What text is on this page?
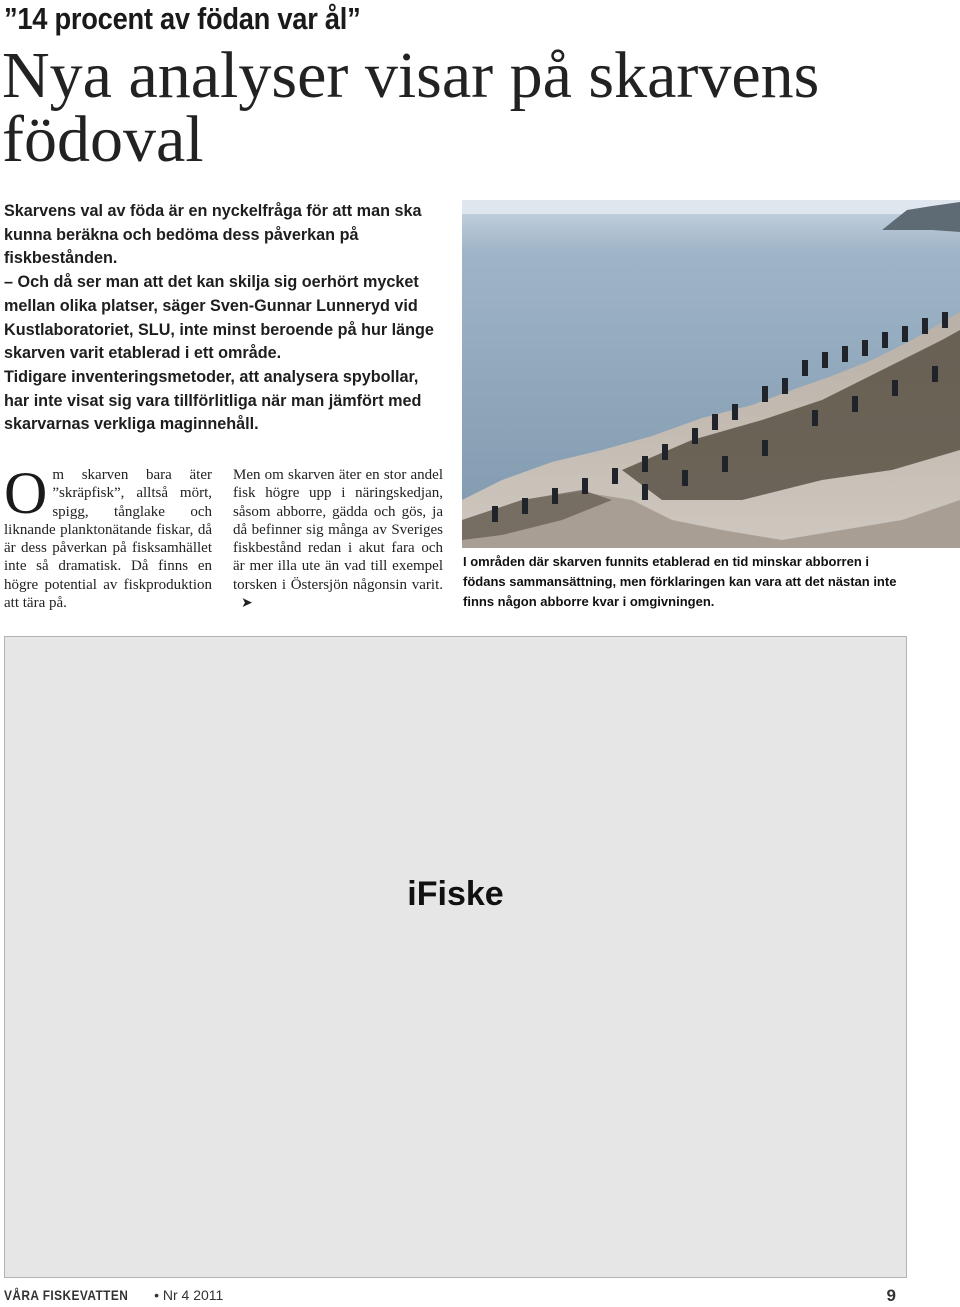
”14 procent av födan var ål”
Nya analyser visar på skarvens födoval

Skarvens val av föda är en nyckelfråga för att man ska kunna beräkna och bedöma dess påverkan på fiskbestånden.

– Och då ser man att det kan skilja sig oerhört mycket mellan olika platser, säger Sven-Gunnar Lunneryd vid Kustlaboratoriet, SLU, inte minst beroende på hur länge skarven varit etablerad i ett område.

Tidigare inventeringsmetoder, att analysera spybollar, har inte visat sig vara tillförlitliga när man jämfört med skarvarnas verkliga maginnehåll.

I områden där skarven funnits etablerad en tid minskar abborren i födans sammansättning, men förklaringen kan vara att det nästan inte finns någon abborre kvar i omgivningen.
O m skarven bara äter ”skräpfisk”, alltså mört, spigg, tånglake och liknande planktonätande fiskar, då är dess påverkan på fisksamhället inte så dramatisk. Då finns en högre potential av fiskproduktion att tära på.
Men om skarven äter en stor andel fisk högre upp i näringskedjan, såsom abborre, gädda och gös, ja då befinner sig många av Sveriges fiskbestånd redan i akut fara och är mer illa ute än vad till exempel torsken i Östersjön någonsin varit. ➤
iFiske
VÅRA FISKEVATTEN • Nr 4 2011	9
